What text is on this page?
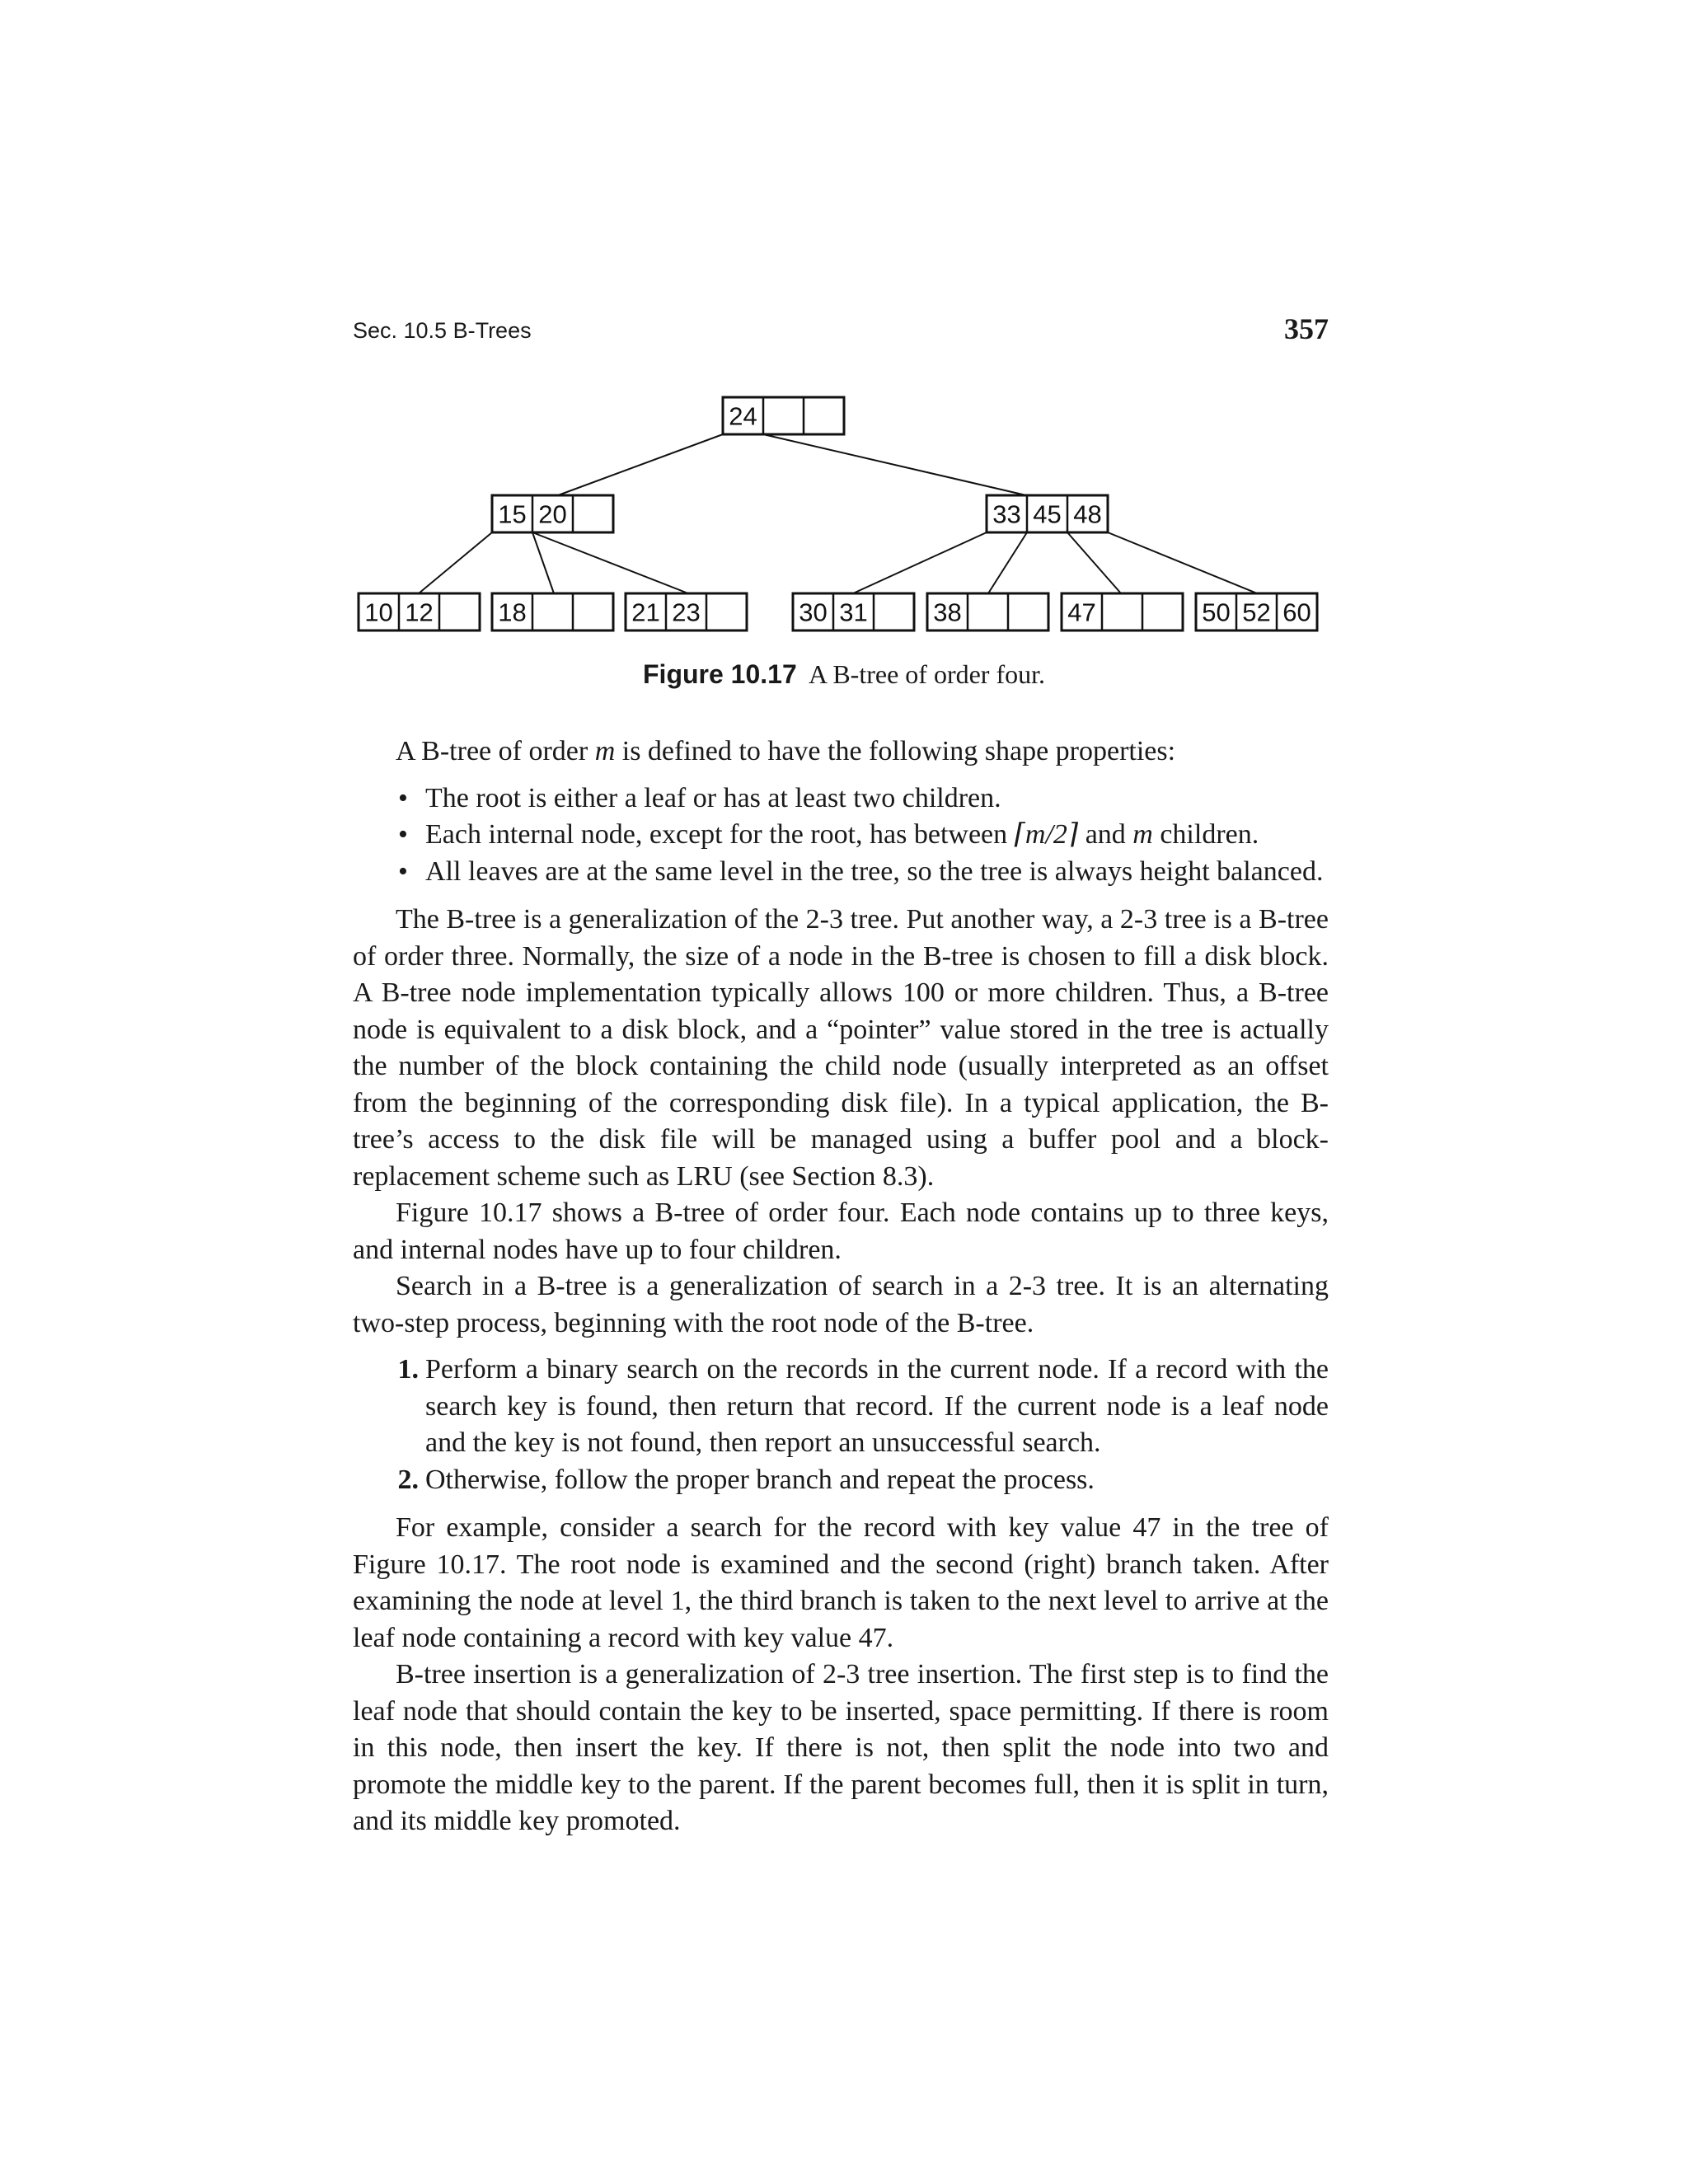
Sec. 10.5 B-Trees	357
24
15 20	33 45 48
10 12	18	21 23	30 31	38	47	50 52 60
Figure 10.17 A B-tree of order four.

A B-tree of order m is defined to have the following shape properties:

• The root is either a leaf or has at least two children.
• Each internal node, except for the root, has between ⌈m/2⌉ and m children.
• All leaves are at the same level in the tree, so the tree is always height balanced.

The B-tree is a generalization of the 2-3 tree. Put another way, a 2-3 tree is a B-tree of order three. Normally, the size of a node in the B-tree is chosen to fill a disk block. A B-tree node implementation typically allows 100 or more children. Thus, a B-tree node is equivalent to a disk block, and a “pointer” value stored in the tree is actually the number of the block containing the child node (usually interpreted as an offset from the beginning of the corresponding disk file). In a typical application, the B-tree’s access to the disk file will be managed using a buffer pool and a block-replacement scheme such as LRU (see Section 8.3).

Figure 10.17 shows a B-tree of order four. Each node contains up to three keys, and internal nodes have up to four children.

Search in a B-tree is a generalization of search in a 2-3 tree. It is an alternating two-step process, beginning with the root node of the B-tree.

1. Perform a binary search on the records in the current node. If a record with the search key is found, then return that record. If the current node is a leaf node and the key is not found, then report an unsuccessful search.
2. Otherwise, follow the proper branch and repeat the process.

For example, consider a search for the record with key value 47 in the tree of Figure 10.17. The root node is examined and the second (right) branch taken. After examining the node at level 1, the third branch is taken to the next level to arrive at the leaf node containing a record with key value 47.

B-tree insertion is a generalization of 2-3 tree insertion. The first step is to find the leaf node that should contain the key to be inserted, space permitting. If there is room in this node, then insert the key. If there is not, then split the node into two and promote the middle key to the parent. If the parent becomes full, then it is split in turn, and its middle key promoted.
